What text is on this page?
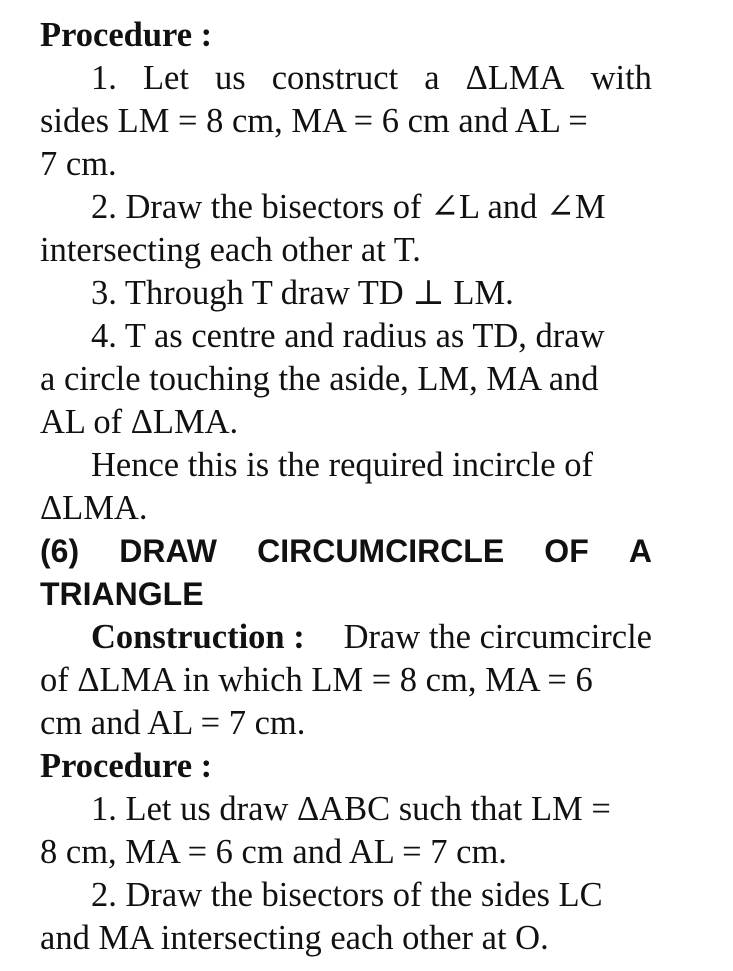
Procedure :

1. Let us construct a ΔLMA with

sides LM = 8 cm, MA = 6 cm and AL =

7 cm.

2. Draw the bisectors of ∠L and ∠M

intersecting each other at T.

3. Through T draw TD ⊥ LM.

4. T as centre and radius as TD, draw

a circle touching the aside, LM, MA and

AL of ΔLMA.

Hence this is the required incircle of

ΔLMA.

(6) DRAW CIRCUMCIRCLE OF A

TRIANGLE

Construction : Draw the circumcircle

of ΔLMA in which LM = 8 cm, MA = 6

cm and AL = 7 cm.

Procedure :

1. Let us draw ΔABC such that LM =

8 cm, MA = 6 cm and AL = 7 cm.

2. Draw the bisectors of the sides LC

and MA intersecting each other at O.
